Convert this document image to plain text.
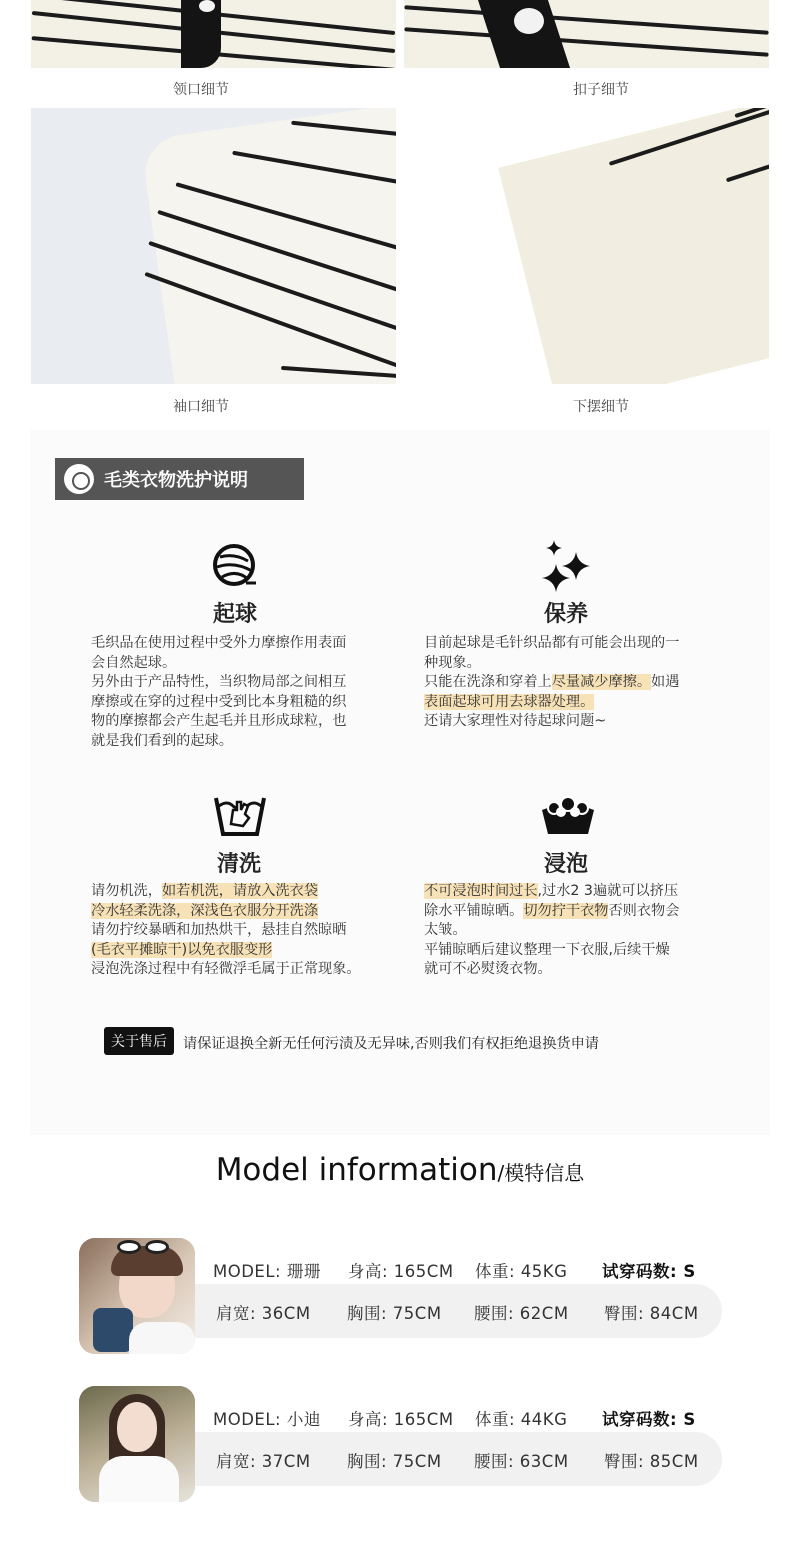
领口细节	扣子细节
袖口细节	下摆细节
毛类衣物洗护说明
起球
毛织品在使用过程中受外力摩擦作用表面
会自然起球。
另外由于产品特性，当织物局部之间相互
摩擦或在穿的过程中受到比本身粗糙的织
物的摩擦都会产生起毛并且形成球粒，也
就是我们看到的起球。
保养
目前起球是毛针织品都有可能会出现的一
种现象。
只能在洗涤和穿着上尽量减少摩擦。如遇
表面起球可用去球器处理。
还请大家理性对待起球问题~
清洗
请勿机洗，如若机洗，请放入洗衣袋
冷水轻柔洗涤，深浅色衣服分开洗涤
请勿拧绞暴晒和加热烘干，悬挂自然晾晒
(毛衣平摊晾干)以免衣服变形
浸泡洗涤过程中有轻微浮毛属于正常现象。
浸泡
不可浸泡时间过长,过水2 3遍就可以挤压
除水平铺晾晒。切勿拧干衣物否则衣物会
太皱。
平铺晾晒后建议整理一下衣服,后续干燥
就可不必熨烫衣物。
关于售后	请保证退换全新无任何污渍及无异味,否则我们有权拒绝退换货申请
Model information/模特信息
MODEL: 珊珊 身高: 165CM 体重: 45KG 试穿码数: S
肩宽: 36CM 胸围: 75CM 腰围: 62CM 臀围: 84CM
MODEL: 小迪 身高: 165CM 体重: 44KG 试穿码数: S
肩宽: 37CM 胸围: 75CM 腰围: 63CM 臀围: 85CM
